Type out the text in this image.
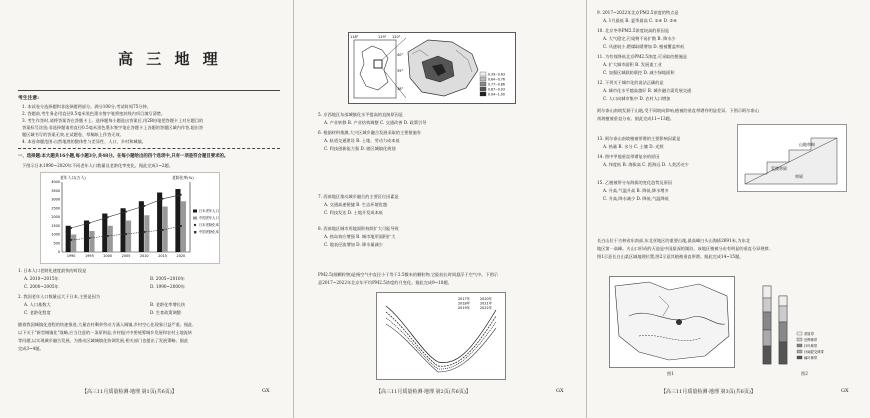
高 三 地 理
考生注意:
1. 本试卷分选择题和非选择题两部分。满分100分,考试时间75分钟。
2. 答题前,考生务必用直径0.5毫米黑色墨水签字笔将密封线内项目填写清楚。
3. 考生作答时,请将答案答在答题卡上。选择题每小题选出答案后,用2B铅笔把答题卡上对应题目的
答案标号涂黑;非选择题请用直径0.5毫米黑色墨水签字笔在答题卡上各题的答题区域内作答,超出答
题区域书写的答案无效,在试题卷、草稿纸上作答无效。
4. 本卷命题范围:自然地理的整体性与差异性、人口、乡村和城镇。
一、选择题:本大题共16小题,每小题3分,共48分。在每小题给出的四个选项中,只有一项是符合题目要求的。
下图示日本1990~2020年不同老年人口数量及老龄化率变化。据此完成1~2题。
老年人口(万人)	老龄化率(%)
4000
3500
3000
2500
2000
1500
1000
500
0
1990	1995	2000	2005	2010	2015	2020
日本老年人口
中国老年人口
日本老龄化率
中国老龄化率
1. 日本人口老龄化速度最快的时段是
A. 2010~2015年	B. 2005~2010年
C. 2000~2005年	D. 1990~2000年
2. 我国老年人口数量远大于日本,主要是因为
A. 人口基数大	B. 老龄化率增长快
C. 老龄化程度	D. 生育政策调整
随着我国城镇化进程的快速推进,大量农村剩余劳动力涌入城镇,乡村空心化现象日益严重。据此,
以下关于"新型城镇化"战略,应当注意的一条原则是,乡村振兴中要统筹城乡发展和农村土地流转
等问题,以实现城乡融合发展。为推动区域城镇化协调发展,相关部门也提出了发展策略。据此
完成3~4题。
【高三11月质量检测·地理 第1页(共6页)】	GX
0.39~0.63
0.64~0.76
0.77~0.86
0.87~0.93
0.94~1.00
118°	119° 120°
40°
39°
38°
5. 京西地区东部城镇化水平提高的直接原因是
A. 产业转移 B. 产业结构调整 C. 交通改善 D. 政策引导
6. 根据材料推测,大兴区城乡融合发展采取的主要措施有
A. 轨道交通建设 B. 土地、劳动力成本低
C. 科技创新能力强 D. 辖区城镇化规划
7. 西南地区推动城乡融合的主要区位因素是
A. 交通高速便捷 B. 生态环境优越
C. 科技发达 D. 土地开发成本低
8. 西南地区城市用地面积持续扩大可能导致
A. 热岛效应增强 B. 城市地形面积扩大
C. 地表径流增加 D. 降水量减少
PM2.5(细颗粒物)是指空气中直径小于等于2.5微米的颗粒物,它能较长时间悬浮于空气中。下图示
意2017~2022年北京年平均PM2.5浓度的月变化。据此完成9~10题。
2017年
2018年
2019年
2020年
2021年
2022年
【高三11月质量检测·地理 第2页(共6页)】	GX
9. 2017~2022年北京PM2.5浓度的特点是
A. 1月最低 B. 夏季最高 C. ①④ D. ②④
10. 北京冬季PM2.5浓度较高的原因是
A. 大气稳定,污染物不易扩散 B. 降水少
C. 风速较小,燃煤取暖增加 D. 植被覆盖率低
11. 为有效降低北京PM2.5浓度,可采取的措施是
A. 扩大城市面积 B. 发展重工业
C. 加强区域联防联控 D. 减少绿地面积
12. 下列关于城市化的说法正确的是
A. 城市化水平越高越好 B. 城乡融合需发展交通
C. 人口向城市集中 D. 农村人口增加
阿尔泰山南坡发源于山地,受不同坡向影响,植被的垂直带谱有明显差异。下图示阿尔泰山
南坡植被垂直分布。据此完成11~13题。
草原
荒漠草原
山地草甸
13. 阿尔泰山南坡植被带谱的主要影响因素是
A. 热量 B. 水分 C. 土壤 D. 光照
14. 图中甲地垂直带谱复杂的原因
A. 纬度低 B. 海拔高 C. 距海远 D. 人类活动少
15. 乙植被带分布海拔的变化趋势及原因
A. 升高,气温升高 B. 降低,降水增多
C. 升高,降水减少 D. 降低,气温降低
长白山位于吉林省东南部,东北亚地区的重要山地,最高峰白头山海拔2691米,为东北
地区第一高峰。火山口形成的天池是中国最深的湖泊。该地区植被分布有明显的垂直分异规律,
图1示意长白山某区域地理位置,图2示意其植被垂直带谱。据此完成14~15题。
图1
苔原带
岳桦林带
针叶林带
针阔混交林带
阔叶林带
图2
【高三11月质量检测·地理 第3页(共6页)】	GX
